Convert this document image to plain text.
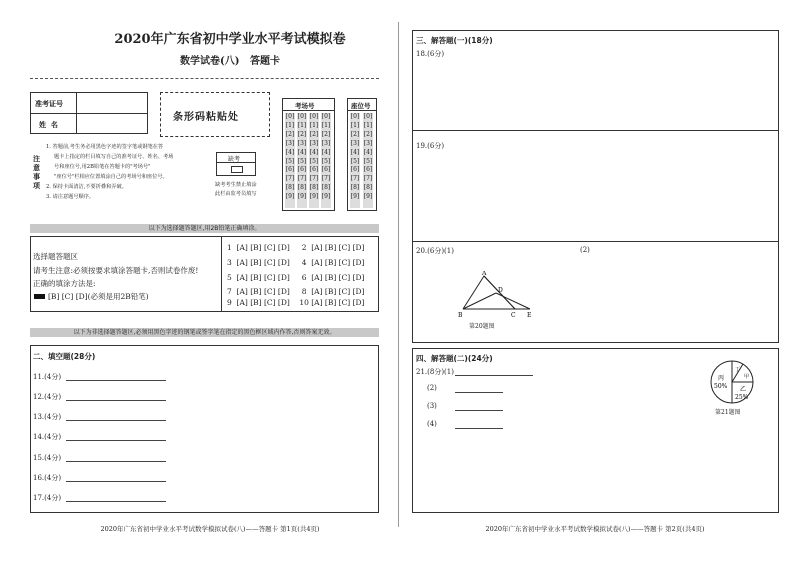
2020年广东省初中学业水平考试模拟卷
数学试卷(八)   答题卡
准考证号
姓  名
条形码粘贴处
考场号
[0]
[1]
[2]
[3]
[4]
[5]
[6]
[7]
[8]
[9]
[0]
[1]
[2]
[3]
[4]
[5]
[6]
[7]
[8]
[9]
[0]
[1]
[2]
[3]
[4]
[5]
[6]
[7]
[8]
[9]
[0]
[1]
[2]
[3]
[4]
[5]
[6]
[7]
[8]
[9]
座位号
[0]
[1]
[2]
[3]
[4]
[5]
[6]
[7]
[8]
[9]
[0]
[1]
[2]
[3]
[4]
[5]
[6]
[7]
[8]
[9]
注意事项
1. 答题前,考生务必用黑色字迹的签字笔或钢笔在答
题卡上指定的栏目填写自己的准考证号、姓名、考场
号和座位号,用2B铅笔在答题卡的"考场号"
"座位号"栏相应位置填涂自己的考场号和座位号。
2. 保持卡面清洁,不要折叠和弄破。
3. 请注意题号顺序。
缺考
缺考考生禁止填涂
此栏由监考员填写
以下为选择题答题区,用2B铅笔正确填涂。
选择题答题区
请考生注意:必须按要求填涂答题卡,否则试卷作废!
正确的填涂方法是:
[B] [C] [D](必须是用2B铅笔)
1  [A] [B] [C] [D]     2  [A] [B] [C] [D]
3  [A] [B] [C] [D]     4  [A] [B] [C] [D]
5  [A] [B] [C] [D]     6  [A] [B] [C] [D]
7  [A] [B] [C] [D]     8  [A] [B] [C] [D]
9  [A] [B] [C] [D]    10 [A] [B] [C] [D]
以下为非选择题答题区,必须用黑色字迹的钢笔或签字笔在指定的黑色框区域内作答,否则答案无效。
二、填空题(28分)
11.(4分)
12.(4分)
13.(4分)
14.(4分)
15.(4分)
16.(4分)
17.(4分)
2020年广东省初中学业水平考试数学模拟试卷(八)——答题卡 第1页(共4页)
三、解答题(一)(18分)
18.(6分)
19.(6分)
20.(6分)(1)	(2)
A
B	C
D
E
第20题图
四、解答题(二)(24分)
21.(8分)(1)
(2)
(3)
(4)
丙
50%
丁
甲
乙
25%
第21题图
2020年广东省初中学业水平考试数学模拟试卷(八)——答题卡 第2页(共4页)
